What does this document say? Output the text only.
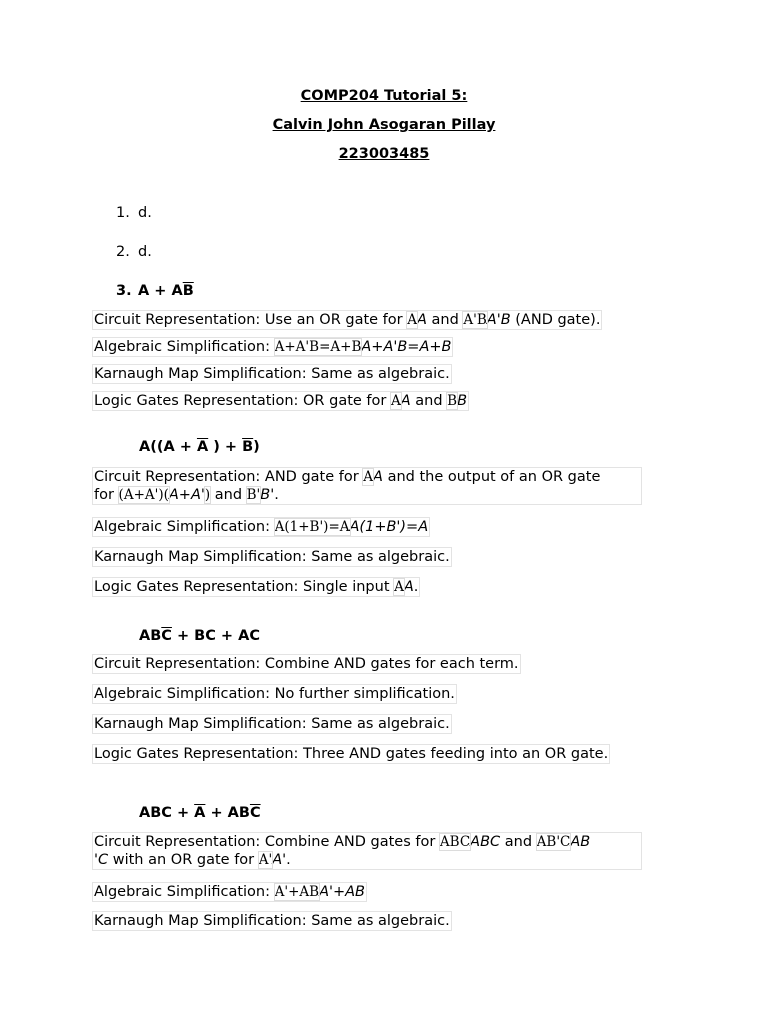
COMP204 Tutorial 5:
Calvin John Asogaran Pillay
223003485
1. d.
2. d.
3. $A + A\overline{B}$
Circuit Representation: Use an OR gate for AA and A'BA'B (AND gate).
Algebraic Simplification: A+A'B=A+BA+A'B=A+B
Karnaugh Map Simplification: Same as algebraic.
Logic Gates Representation: OR gate for AA and BB
$A((A + \overline{A}$ ) + $\overline{B}$)
Circuit Representation: AND gate for AA and the output of an OR gate
for (A+A')(A+A') and B'B'.
Algebraic Simplification: A(1+B')=AA(1+B')=A
Karnaugh Map Simplification: Same as algebraic.
Logic Gates Representation: Single input AA.
$AB\overline{C}$ + BC + AC
Circuit Representation: Combine AND gates for each term.
Algebraic Simplification: No further simplification.
Karnaugh Map Simplification: Same as algebraic.
Logic Gates Representation: Three AND gates feeding into an OR gate.
ABC + $\overline{A} + AB\overline{C}$
Circuit Representation: Combine AND gates for ABCABC and AB'CAB
'C with an OR gate for A'A'.
Algebraic Simplification: A'+ABA'+AB
Karnaugh Map Simplification: Same as algebraic.
